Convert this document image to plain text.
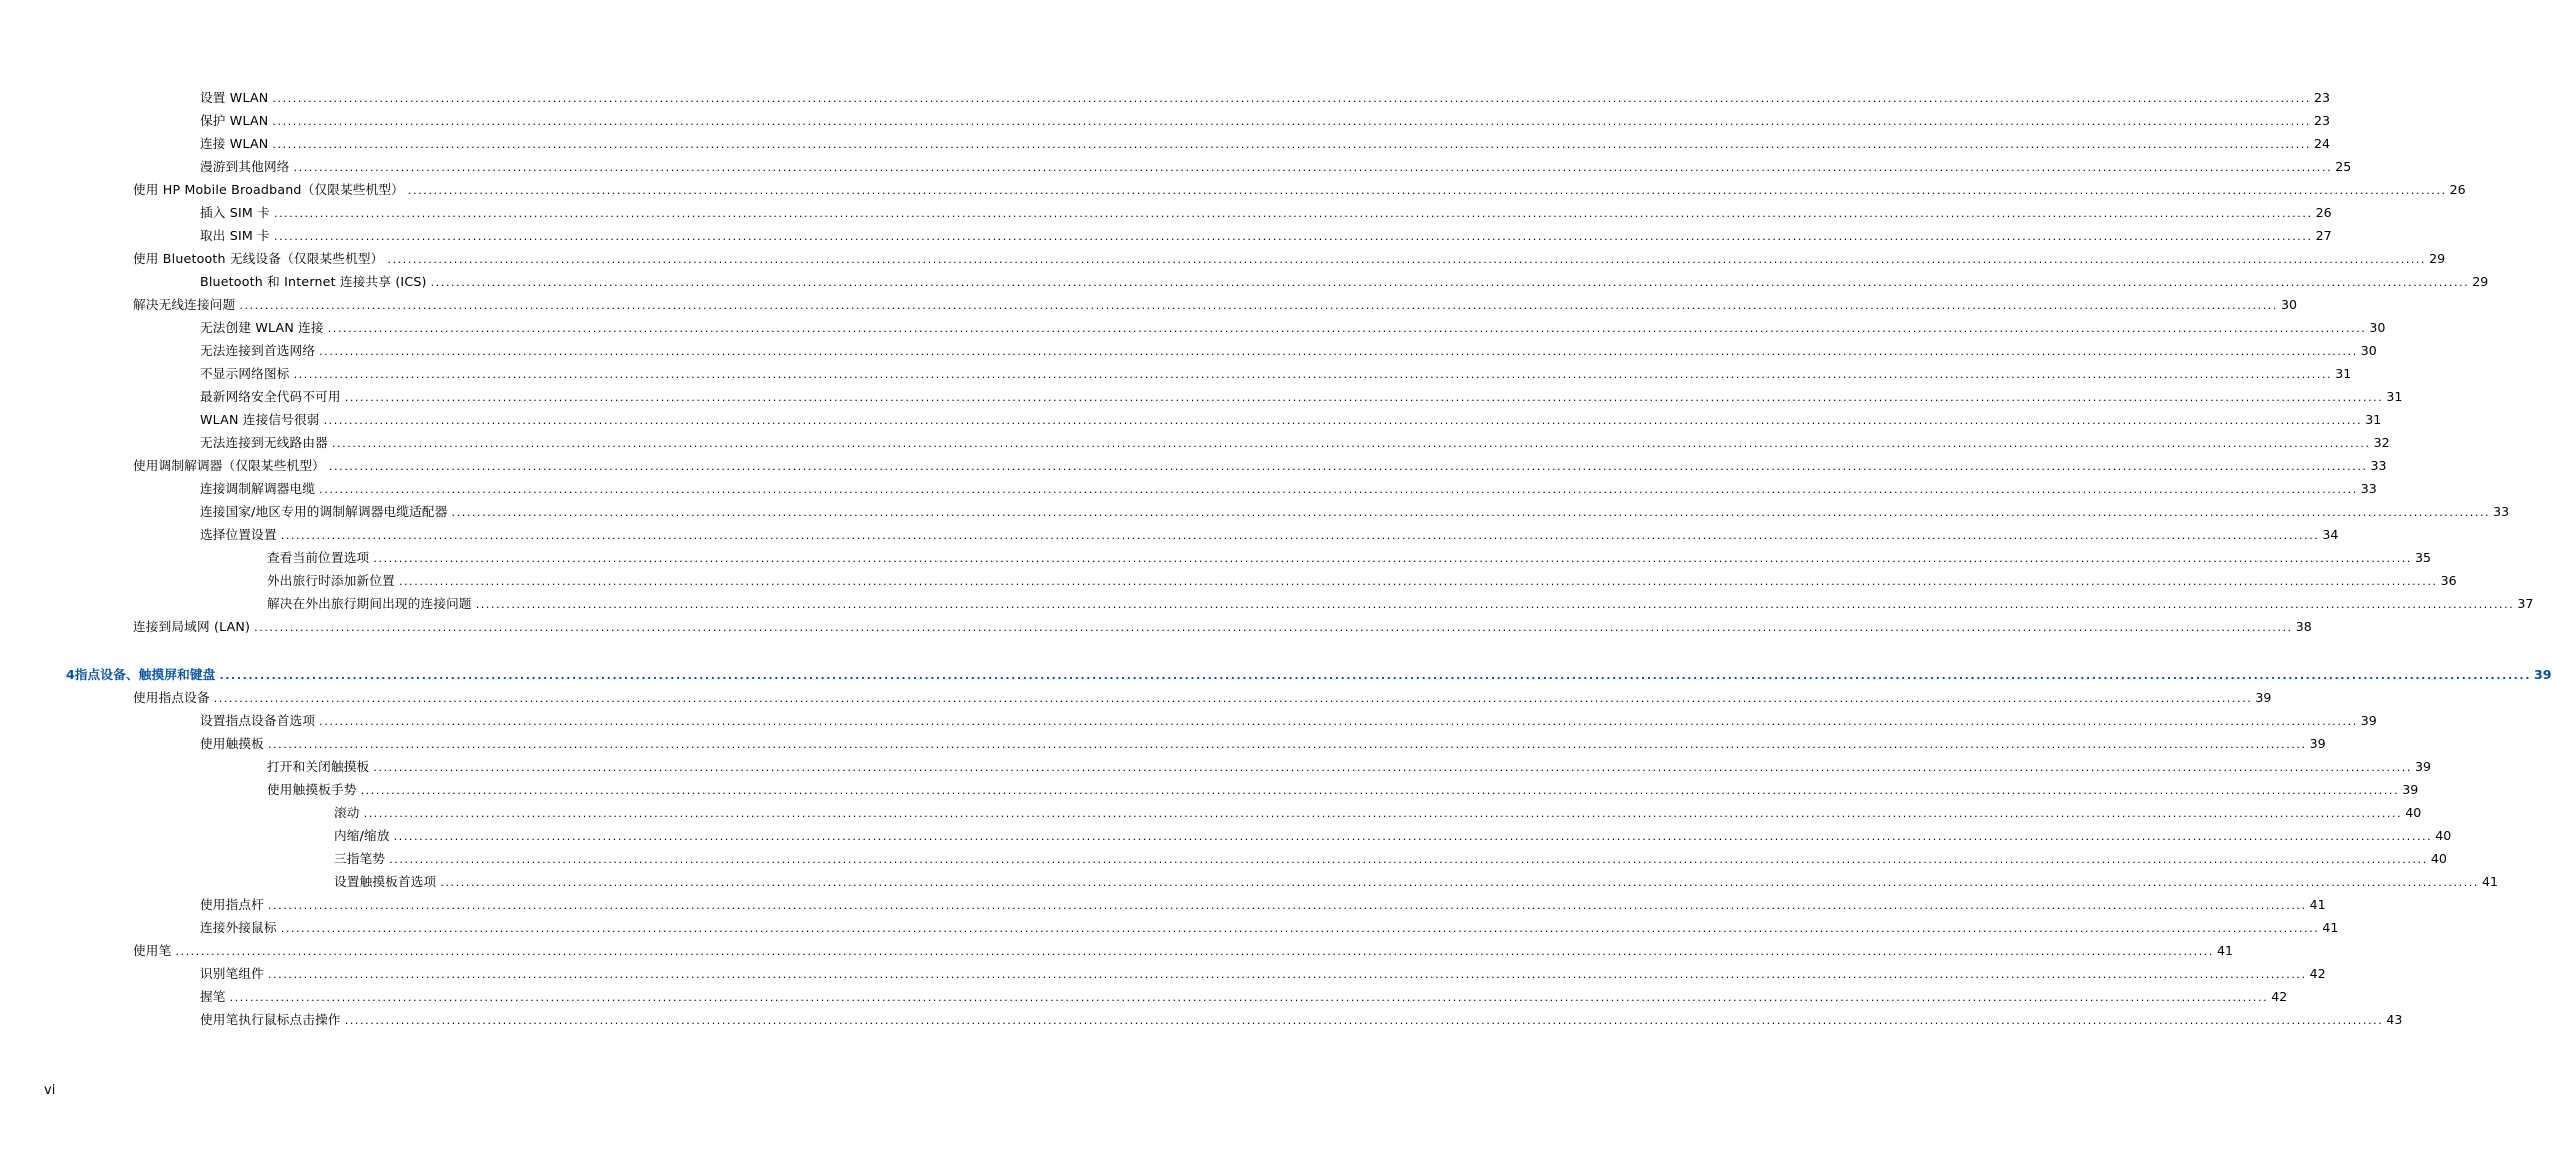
设置 WLAN ................................................................................................................................................................................................................................................................................................................................................................................................................ 23
保护 WLAN ................................................................................................................................................................................................................................................................................................................................................................................................................ 23
连接 WLAN ................................................................................................................................................................................................................................................................................................................................................................................................................ 24
漫游到其他网络 ................................................................................................................................................................................................................................................................................................................................................................................................................ 25
使用 HP Mobile Broadband（仅限某些机型） ................................................................................................................................................................................................................................................................................................................................................................................................................ 26
插入 SIM 卡 ................................................................................................................................................................................................................................................................................................................................................................................................................ 26
取出 SIM 卡 ................................................................................................................................................................................................................................................................................................................................................................................................................ 27
使用 Bluetooth 无线设备（仅限某些机型） ................................................................................................................................................................................................................................................................................................................................................................................................................ 29
Bluetooth 和 Internet 连接共享 (ICS) ................................................................................................................................................................................................................................................................................................................................................................................................................ 29
解决无线连接问题 ................................................................................................................................................................................................................................................................................................................................................................................................................ 30
无法创建 WLAN 连接 ................................................................................................................................................................................................................................................................................................................................................................................................................ 30
无法连接到首选网络 ................................................................................................................................................................................................................................................................................................................................................................................................................ 30
不显示网络图标 ................................................................................................................................................................................................................................................................................................................................................................................................................ 31
最新网络安全代码不可用 ................................................................................................................................................................................................................................................................................................................................................................................................................ 31
WLAN 连接信号很弱 ................................................................................................................................................................................................................................................................................................................................................................................................................ 31
无法连接到无线路由器 ................................................................................................................................................................................................................................................................................................................................................................................................................ 32
使用调制解调器（仅限某些机型） ................................................................................................................................................................................................................................................................................................................................................................................................................ 33
连接调制解调器电缆 ................................................................................................................................................................................................................................................................................................................................................................................................................ 33
连接国家/地区专用的调制解调器电缆适配器 ................................................................................................................................................................................................................................................................................................................................................................................................................ 33
选择位置设置 ................................................................................................................................................................................................................................................................................................................................................................................................................ 34
查看当前位置选项 ................................................................................................................................................................................................................................................................................................................................................................................................................ 35
外出旅行时添加新位置 ................................................................................................................................................................................................................................................................................................................................................................................................................ 36
解决在外出旅行期间出现的连接问题 ................................................................................................................................................................................................................................................................................................................................................................................................................ 37
连接到局域网 (LAN) ................................................................................................................................................................................................................................................................................................................................................................................................................ 38
4 指点设备、触摸屏和键盘 ................................................................................................................................................................................................................................................................................................................................................................................................................ 39
使用指点设备 ................................................................................................................................................................................................................................................................................................................................................................................................................ 39
设置指点设备首选项 ................................................................................................................................................................................................................................................................................................................................................................................................................ 39
使用触摸板 ................................................................................................................................................................................................................................................................................................................................................................................................................ 39
打开和关闭触摸板 ................................................................................................................................................................................................................................................................................................................................................................................................................ 39
使用触摸板手势 ................................................................................................................................................................................................................................................................................................................................................................................................................ 39
滚动 ................................................................................................................................................................................................................................................................................................................................................................................................................ 40
内缩/缩放 ................................................................................................................................................................................................................................................................................................................................................................................................................ 40
三指笔势 ................................................................................................................................................................................................................................................................................................................................................................................................................ 40
设置触摸板首选项 ................................................................................................................................................................................................................................................................................................................................................................................................................ 41
使用指点杆 ................................................................................................................................................................................................................................................................................................................................................................................................................ 41
连接外接鼠标 ................................................................................................................................................................................................................................................................................................................................................................................................................ 41
使用笔 ................................................................................................................................................................................................................................................................................................................................................................................................................ 41
识别笔组件 ................................................................................................................................................................................................................................................................................................................................................................................................................ 42
握笔 ................................................................................................................................................................................................................................................................................................................................................................................................................ 42
使用笔执行鼠标点击操作 ................................................................................................................................................................................................................................................................................................................................................................................................................ 43
vi
